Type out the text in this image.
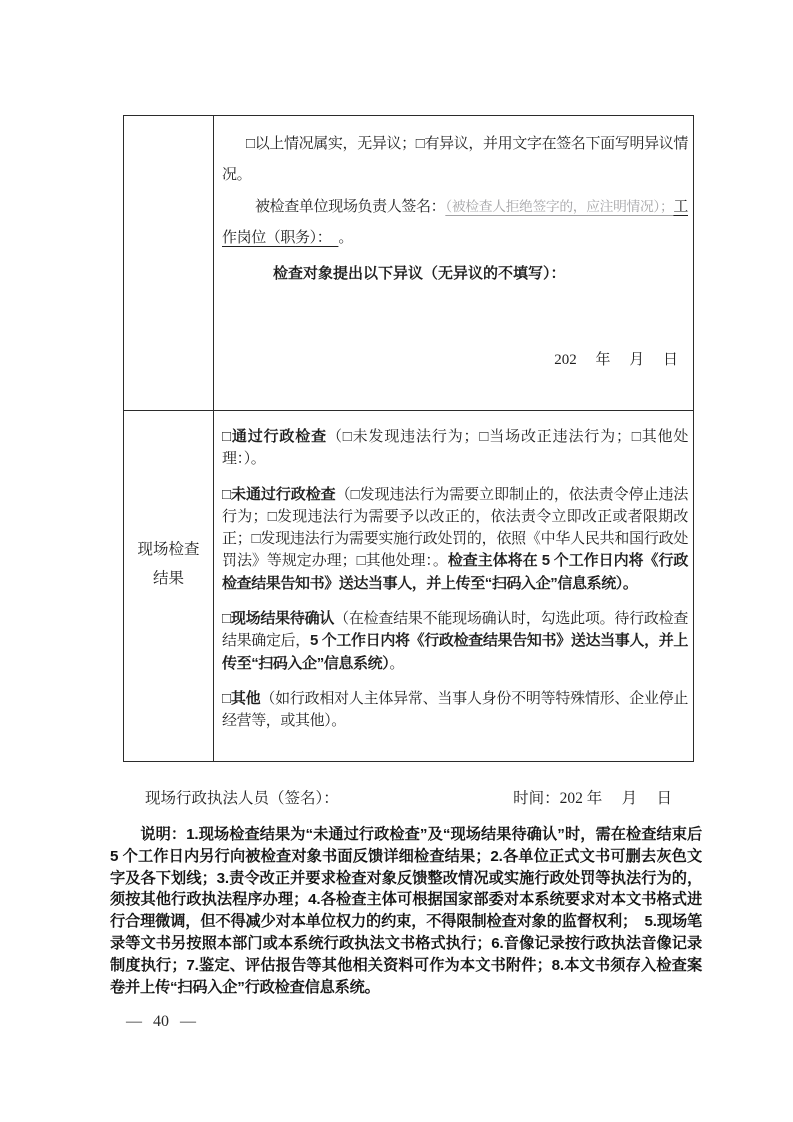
□以上情况属实，无异议；□有异议，并用文字在签名下面写明异议情况。

被检查单位现场负责人签名：（被检查人拒绝签字的，应注明情况）；工作岗位（职务）：　。

检查对象提出以下异议（无异议的不填写）：

202　 年　 月　 日

现场检查结果

□通过行政检查（□未发现违法行为；□当场改正违法行为；□其他处理：）。

□未通过行政检查（□发现违法行为需要立即制止的，依法责令停止违法行为；□发现违法行为需要予以改正的，依法责令立即改正或者限期改正；□发现违法行为需要实施行政处罚的，依照《中华人民共和国行政处罚法》等规定办理；□其他处理：。检查主体将在 5 个工作日内将《行政检查结果告知书》送达当事人，并上传至“扫码入企”信息系统）。

□现场结果待确认（在检查结果不能现场确认时，勾选此项。待行政检查结果确定后，5 个工作日内将《行政检查结果告知书》送达当事人，并上传至“扫码入企”信息系统）。

□其他（如行政相对人主体异常、当事人身份不明等特殊情形、企业停止经营等，或其他）。

现场行政执法人员（签名）：	时间：202 年　 月　 日

说明：1.现场检查结果为“未通过行政检查”及“现场结果待确认”时，需在检查结束后 5 个工作日内另行向被检查对象书面反馈详细检查结果；2.各单位正式文书可删去灰色文字及各下划线；3.责令改正并要求检查对象反馈整改情况或实施行政处罚等执法行为的，须按其他行政执法程序办理；4.各检查主体可根据国家部委对本系统要求对本文书格式进行合理微调，但不得减少对本单位权力的约束，不得限制检查对象的监督权利；　5.现场笔录等文书另按照本部门或本系统行政执法文书格式执行；6.音像记录按行政执法音像记录制度执行；7.鉴定、评估报告等其他相关资料可作为本文书附件；8.本文书须存入检查案卷并上传“扫码入企”行政检查信息系统。

— 40 —
